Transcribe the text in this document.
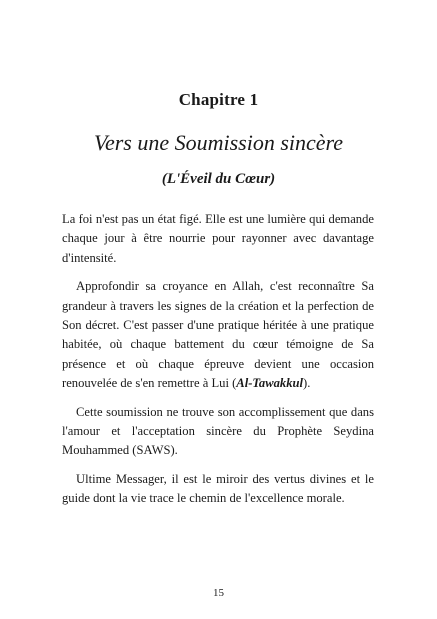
Chapitre 1
Vers une Soumission sincère
(L'Éveil du Cœur)

La foi n'est pas un état figé. Elle est une lumière qui demande chaque jour à être nourrie pour rayonner avec davantage d'intensité.

Approfondir sa croyance en Allah, c'est reconnaître Sa grandeur à travers les signes de la création et la perfection de Son décret. C'est passer d'une pratique héritée à une pratique habitée, où chaque battement du cœur témoigne de Sa présence et où chaque épreuve devient une occasion renouvelée de s'en remettre à Lui (Al-Tawakkul).

Cette soumission ne trouve son accomplissement que dans l'amour et l'acceptation sincère du Prophète Seydina Mouhammed (SAWS).

Ultime Messager, il est le miroir des vertus divines et le guide dont la vie trace le chemin de l'excellence morale.

15
